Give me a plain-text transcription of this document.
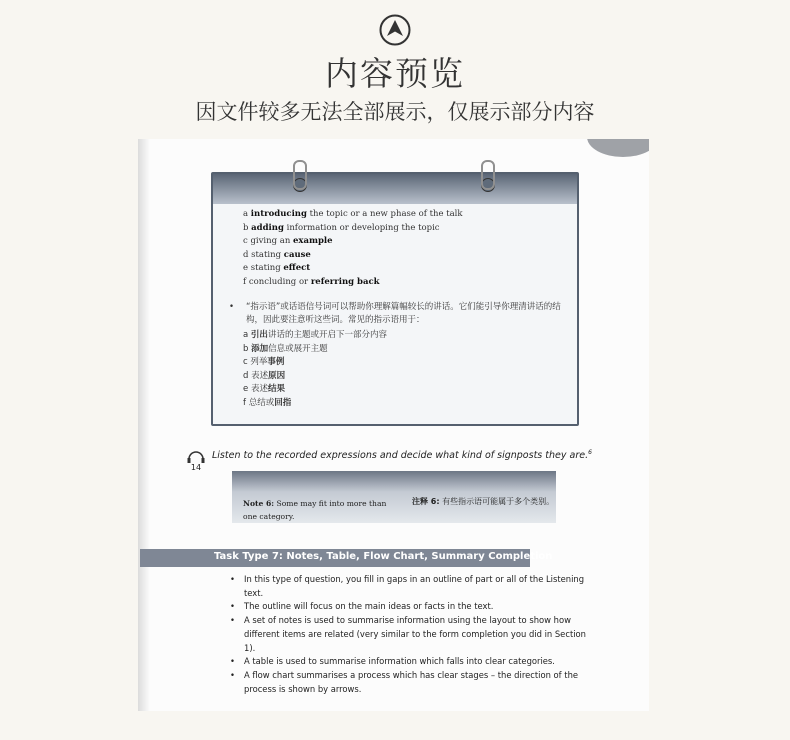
内容预览
因文件较多无法全部展示，仅展示部分内容
a introducing the topic or a new phase of the talk
b adding information or developing the topic
c giving an example
d stating cause
e stating effect
f concluding or referring back
• “指示语”或话语信号词可以帮助你理解篇幅较长的讲话。它们能引导你理清讲话的结构，因此要注意听这些词。常见的指示语用于：
a 引出讲话的主题或开启下一部分内容
b 添加信息或展开主题
c 列举事例
d 表述原因
e 表述结果
f 总结或回指
14
Listen to the recorded expressions and decide what kind of signposts they are.$^6$
Note 6: Some may fit into more than one category.
注释 6: 有些指示语可能属于多个类别。
Task Type 7: Notes, Table, Flow Chart, Summary Completion
• In this type of question, you fill in gaps in an outline of part or all of the Listening text.
• The outline will focus on the main ideas or facts in the text.
• A set of notes is used to summarise information using the layout to show how different items are related (very similar to the form completion you did in Section 1).
• A table is used to summarise information which falls into clear categories.
• A flow chart summarises a process which has clear stages – the direction of the process is shown by arrows.
